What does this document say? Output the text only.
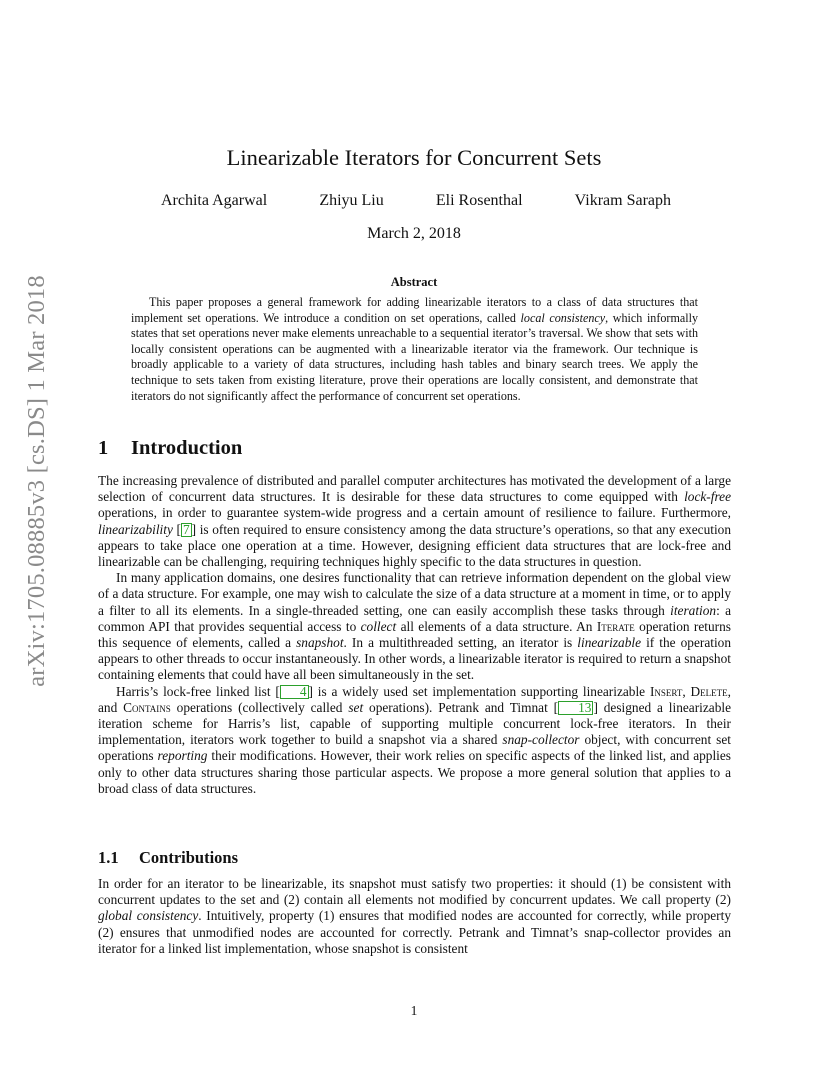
arXiv:1705.08885v3 [cs.DS] 1 Mar 2018
Linearizable Iterators for Concurrent Sets
Archita Agarwal	Zhiyu Liu	Eli Rosenthal	Vikram Saraph
March 2, 2018
Abstract

This paper proposes a general framework for adding linearizable iterators to a class of data structures that implement set operations. We introduce a condition on set operations, called local consistency, which informally states that set operations never make elements unreachable to a sequential iterator’s traversal. We show that sets with locally consistent operations can be augmented with a linearizable iterator via the framework. Our technique is broadly applicable to a variety of data structures, including hash tables and binary search trees. We apply the technique to sets taken from existing literature, prove their operations are locally consistent, and demonstrate that iterators do not significantly affect the performance of concurrent set operations.

1 Introduction

The increasing prevalence of distributed and parallel computer architectures has motivated the development of a large selection of concurrent data structures. It is desirable for these data structures to come equipped with lock-free operations, in order to guarantee system-wide progress and a certain amount of resilience to failure. Furthermore, linearizability [ 7 ] is often required to ensure consistency among the data structure’s operations, so that any execution appears to take place one operation at a time. However, designing efficient data structures that are lock-free and linearizable can be challenging, requiring techniques highly specific to the data structures in question.

In many application domains, one desires functionality that can retrieve information dependent on the global view of a data structure. For example, one may wish to calculate the size of a data structure at a moment in time, or to apply a filter to all its elements. In a single-threaded setting, one can easily accomplish these tasks through iteration: a common API that provides sequential access to collect all elements of a data structure. An Iterate operation returns this sequence of elements, called a snapshot. In a multithreaded setting, an iterator is linearizable if the operation appears to other threads to occur instantaneously. In other words, a linearizable iterator is required to return a snapshot containing elements that could have all been simultaneously in the set.

Harris’s lock-free linked list [ 4 ] is a widely used set implementation supporting linearizable Insert, Delete, and Contains operations (collectively called set operations). Petrank and Timnat [ 13 ] designed a linearizable iteration scheme for Harris’s list, capable of supporting multiple concurrent lock-free iterators. In their implementation, iterators work together to build a snapshot via a shared snap-collector object, with concurrent set operations reporting their modifications. However, their work relies on specific aspects of the linked list, and applies only to other data structures sharing those particular aspects. We propose a more general solution that applies to a broad class of data structures.

1.1 Contributions

In order for an iterator to be linearizable, its snapshot must satisfy two properties: it should (1) be consistent with concurrent updates to the set and (2) contain all elements not modified by concurrent updates. We call property (2) global consistency. Intuitively, property (1) ensures that modified nodes are accounted for correctly, while property (2) ensures that unmodified nodes are accounted for correctly. Petrank and Timnat’s snap-collector provides an iterator for a linked list implementation, whose snapshot is consistent

1
